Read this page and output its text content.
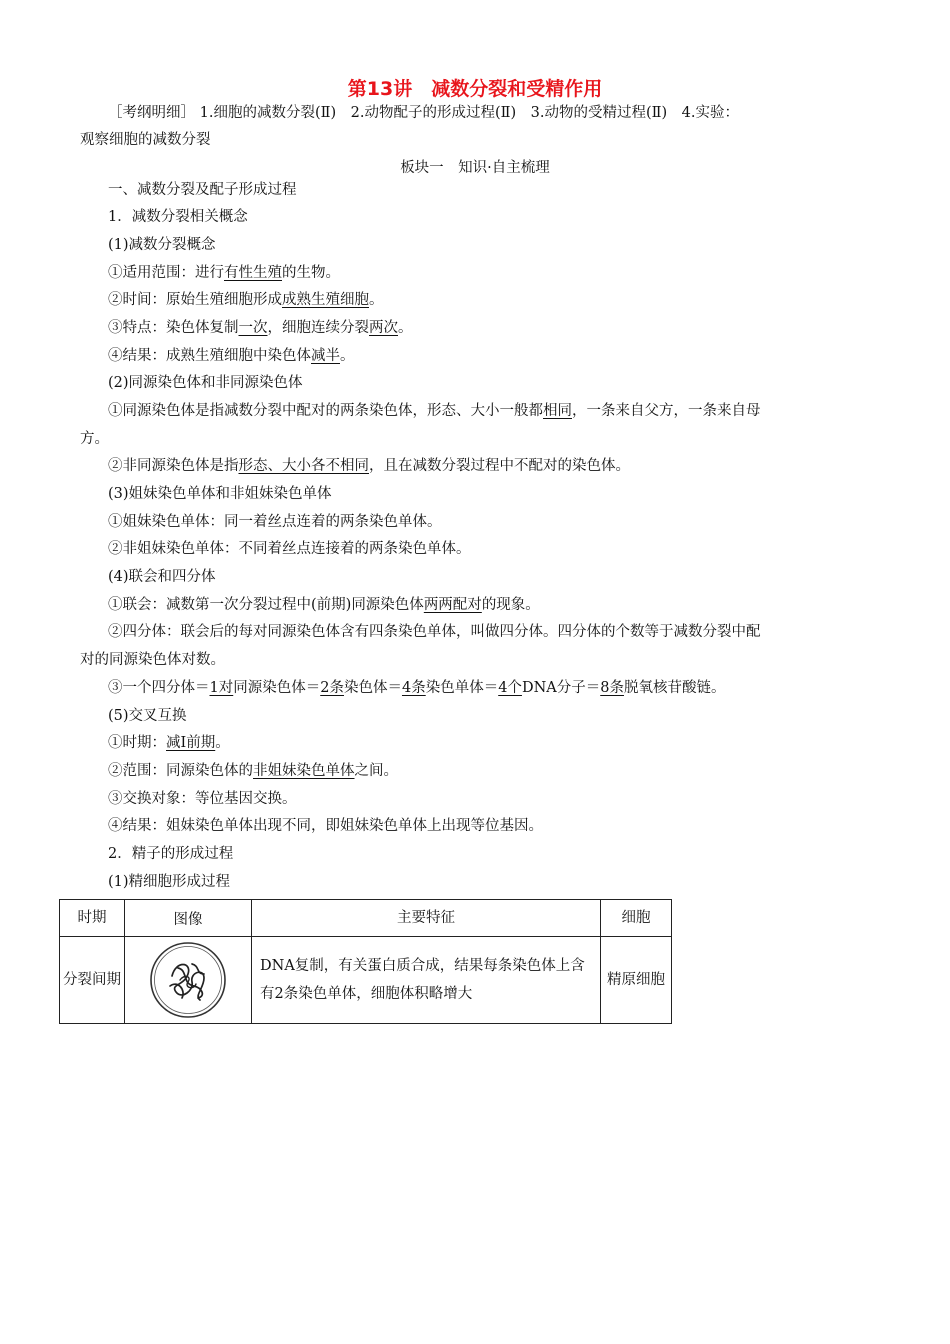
第13讲　减数分裂和受精作用
［考纲明细］ 1.细胞的减数分裂(Ⅱ)　2.动物配子的形成过程(Ⅱ)　3.动物的受精过程(Ⅱ)　4.实验：
观察细胞的减数分裂
板块一　知识·自主梳理
一、减数分裂及配子形成过程
1．减数分裂相关概念
(1)减数分裂概念
①适用范围：进行有性生殖的生物。
②时间：原始生殖细胞形成成熟生殖细胞。
③特点：染色体复制一次，细胞连续分裂两次。
④结果：成熟生殖细胞中染色体减半。
(2)同源染色体和非同源染色体
①同源染色体是指减数分裂中配对的两条染色体，形态、大小一般都相同，一条来自父方，一条来自母
方。
②非同源染色体是指形态、大小各不相同，且在减数分裂过程中不配对的染色体。
(3)姐妹染色单体和非姐妹染色单体
①姐妹染色单体：同一着丝点连着的两条染色单体。
②非姐妹染色单体：不同着丝点连接着的两条染色单体。
(4)联会和四分体
①联会：减数第一次分裂过程中(前期)同源染色体两两配对的现象。
②四分体：联会后的每对同源染色体含有四条染色单体，叫做四分体。四分体的个数等于减数分裂中配
对的同源染色体对数。
③一个四分体＝1对同源染色体＝2条染色体＝4条染色单体＝4个DNA分子＝8条脱氧核苷酸链。
(5)交叉互换
①时期：减Ⅰ前期。
②范围：同源染色体的非姐妹染色单体之间。
③交换对象：等位基因交换。
④结果：姐妹染色单体出现不同，即姐妹染色单体上出现等位基因。
2．精子的形成过程
(1)精细胞形成过程
时期	图像	主要特征	细胞
分裂间期		DNA复制，有关蛋白质合成，结果每条染色体上含有2条染色单体，细胞体积略增大	精原细胞
